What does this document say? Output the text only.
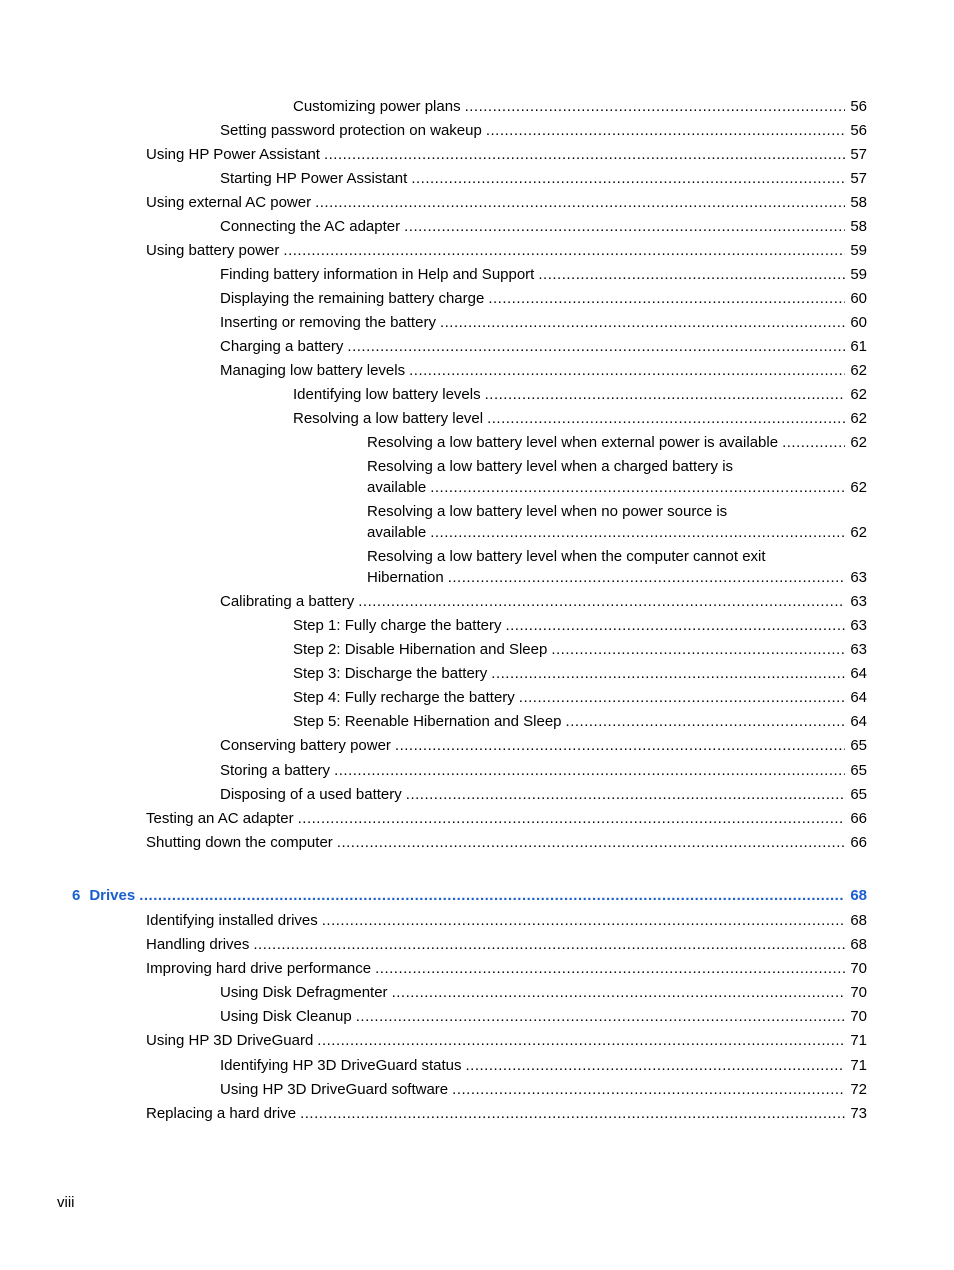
Customizing power plans .....	56
Setting password protection on wakeup .....	56
Using HP Power Assistant .....	57
Starting HP Power Assistant .....	57
Using external AC power .....	58
Connecting the AC adapter .....	58
Using battery power .....	59
Finding battery information in Help and Support .....	59
Displaying the remaining battery charge .....	60
Inserting or removing the battery .....	60
Charging a battery .....	61
Managing low battery levels .....	62
Identifying low battery levels .....	62
Resolving a low battery level .....	62
Resolving a low battery level when external power is available .....	62
Resolving a low battery level when a charged battery is
available .....	62
Resolving a low battery level when no power source is
available .....	62
Resolving a low battery level when the computer cannot exit
Hibernation .....	63
Calibrating a battery .....	63
Step 1: Fully charge the battery .....	63
Step 2: Disable Hibernation and Sleep .....	63
Step 3: Discharge the battery .....	64
Step 4: Fully recharge the battery .....	64
Step 5: Reenable Hibernation and Sleep .....	64
Conserving battery power .....	65
Storing a battery .....	65
Disposing of a used battery .....	65
Testing an AC adapter .....	66
Shutting down the computer .....	66
6 Drives .....	68
Identifying installed drives .....	68
Handling drives .....	68
Improving hard drive performance .....	70
Using Disk Defragmenter .....	70
Using Disk Cleanup .....	70
Using HP 3D DriveGuard .....	71
Identifying HP 3D DriveGuard status .....	71
Using HP 3D DriveGuard software .....	72
Replacing a hard drive .....	73
viii
